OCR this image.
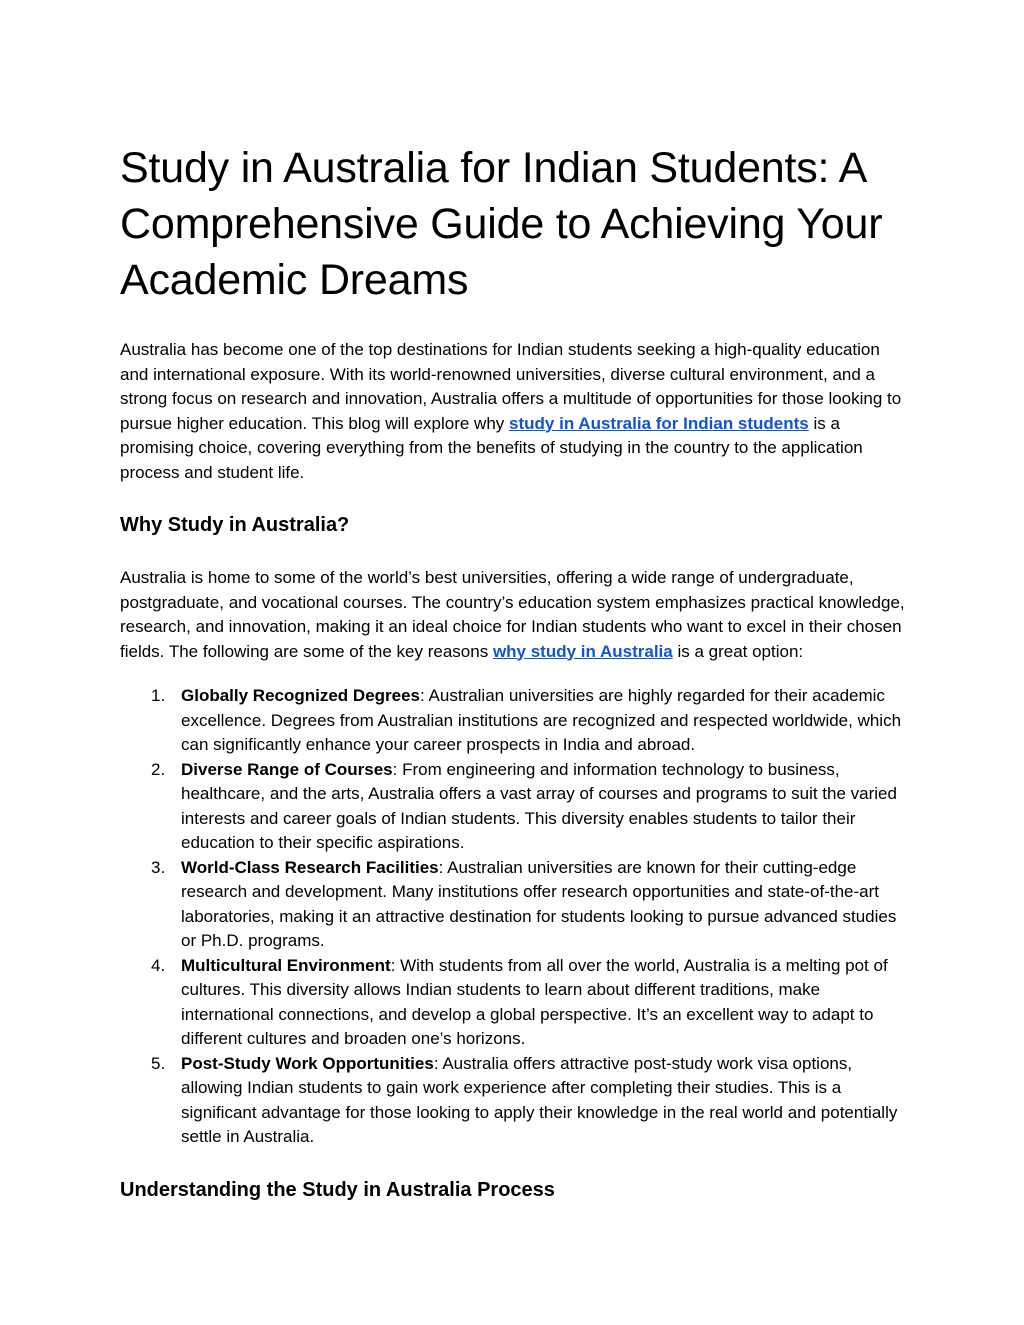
Study in Australia for Indian Students: A Comprehensive Guide to Achieving Your Academic Dreams

Australia has become one of the top destinations for Indian students seeking a high-quality education and international exposure. With its world-renowned universities, diverse cultural environment, and a strong focus on research and innovation, Australia offers a multitude of opportunities for those looking to pursue higher education. This blog will explore why study in Australia for Indian students is a promising choice, covering everything from the benefits of studying in the country to the application process and student life.

Why Study in Australia?

Australia is home to some of the world’s best universities, offering a wide range of undergraduate, postgraduate, and vocational courses. The country’s education system emphasizes practical knowledge, research, and innovation, making it an ideal choice for Indian students who want to excel in their chosen fields. The following are some of the key reasons why study in Australia is a great option:

1. Globally Recognized Degrees: Australian universities are highly regarded for their academic excellence. Degrees from Australian institutions are recognized and respected worldwide, which can significantly enhance your career prospects in India and abroad.
2. Diverse Range of Courses: From engineering and information technology to business, healthcare, and the arts, Australia offers a vast array of courses and programs to suit the varied interests and career goals of Indian students. This diversity enables students to tailor their education to their specific aspirations.
3. World-Class Research Facilities: Australian universities are known for their cutting-edge research and development. Many institutions offer research opportunities and state-of-the-art laboratories, making it an attractive destination for students looking to pursue advanced studies or Ph.D. programs.
4. Multicultural Environment: With students from all over the world, Australia is a melting pot of cultures. This diversity allows Indian students to learn about different traditions, make international connections, and develop a global perspective. It’s an excellent way to adapt to different cultures and broaden one’s horizons.
5. Post-Study Work Opportunities: Australia offers attractive post-study work visa options, allowing Indian students to gain work experience after completing their studies. This is a significant advantage for those looking to apply their knowledge in the real world and potentially settle in Australia.
Understanding the Study in Australia Process
